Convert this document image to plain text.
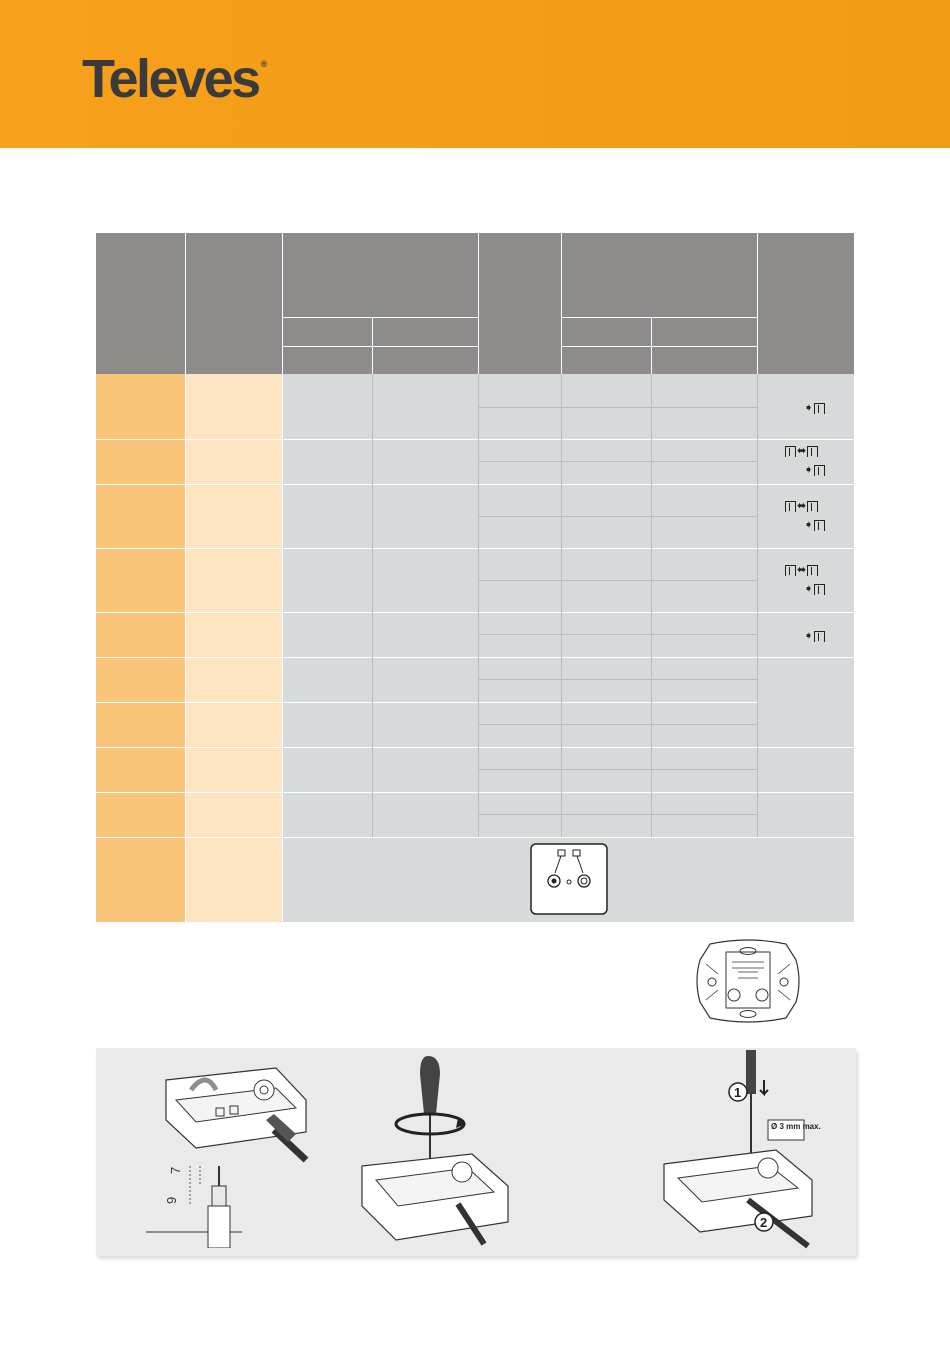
Televes ®
➧
⬌
➧
⬌
➧
⬌
➧
➧
9
7
1
Ø 3 mm max.
2
